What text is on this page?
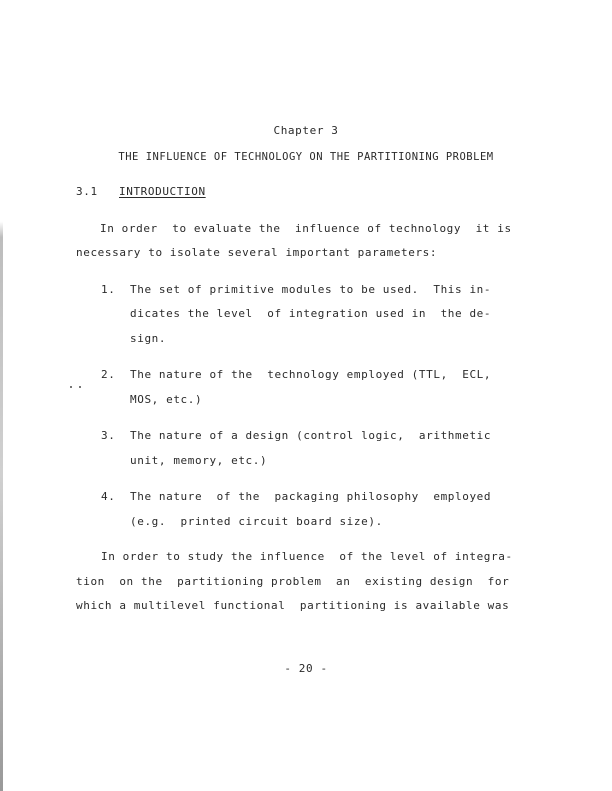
Chapter 3
THE INFLUENCE OF TECHNOLOGY ON THE PARTITIONING PROBLEM
3.1 INTRODUCTION
In order  to evaluate the  influence of technology  it is
necessary to isolate several important parameters:
1. The set of primitive modules to be used.  This in-
dicates the level  of integration used in  the de-
sign.
2. The nature of the  technology employed (TTL,  ECL,
MOS, etc.)
3. The nature of a design (control logic,  arithmetic
unit, memory, etc.)
4. The nature  of the  packaging philosophy  employed
(e.g.  printed circuit board size).
In order to study the influence  of the level of integra-
tion  on the  partitioning problem  an  existing design  for
which a multilevel functional  partitioning is available was
- 20 -
